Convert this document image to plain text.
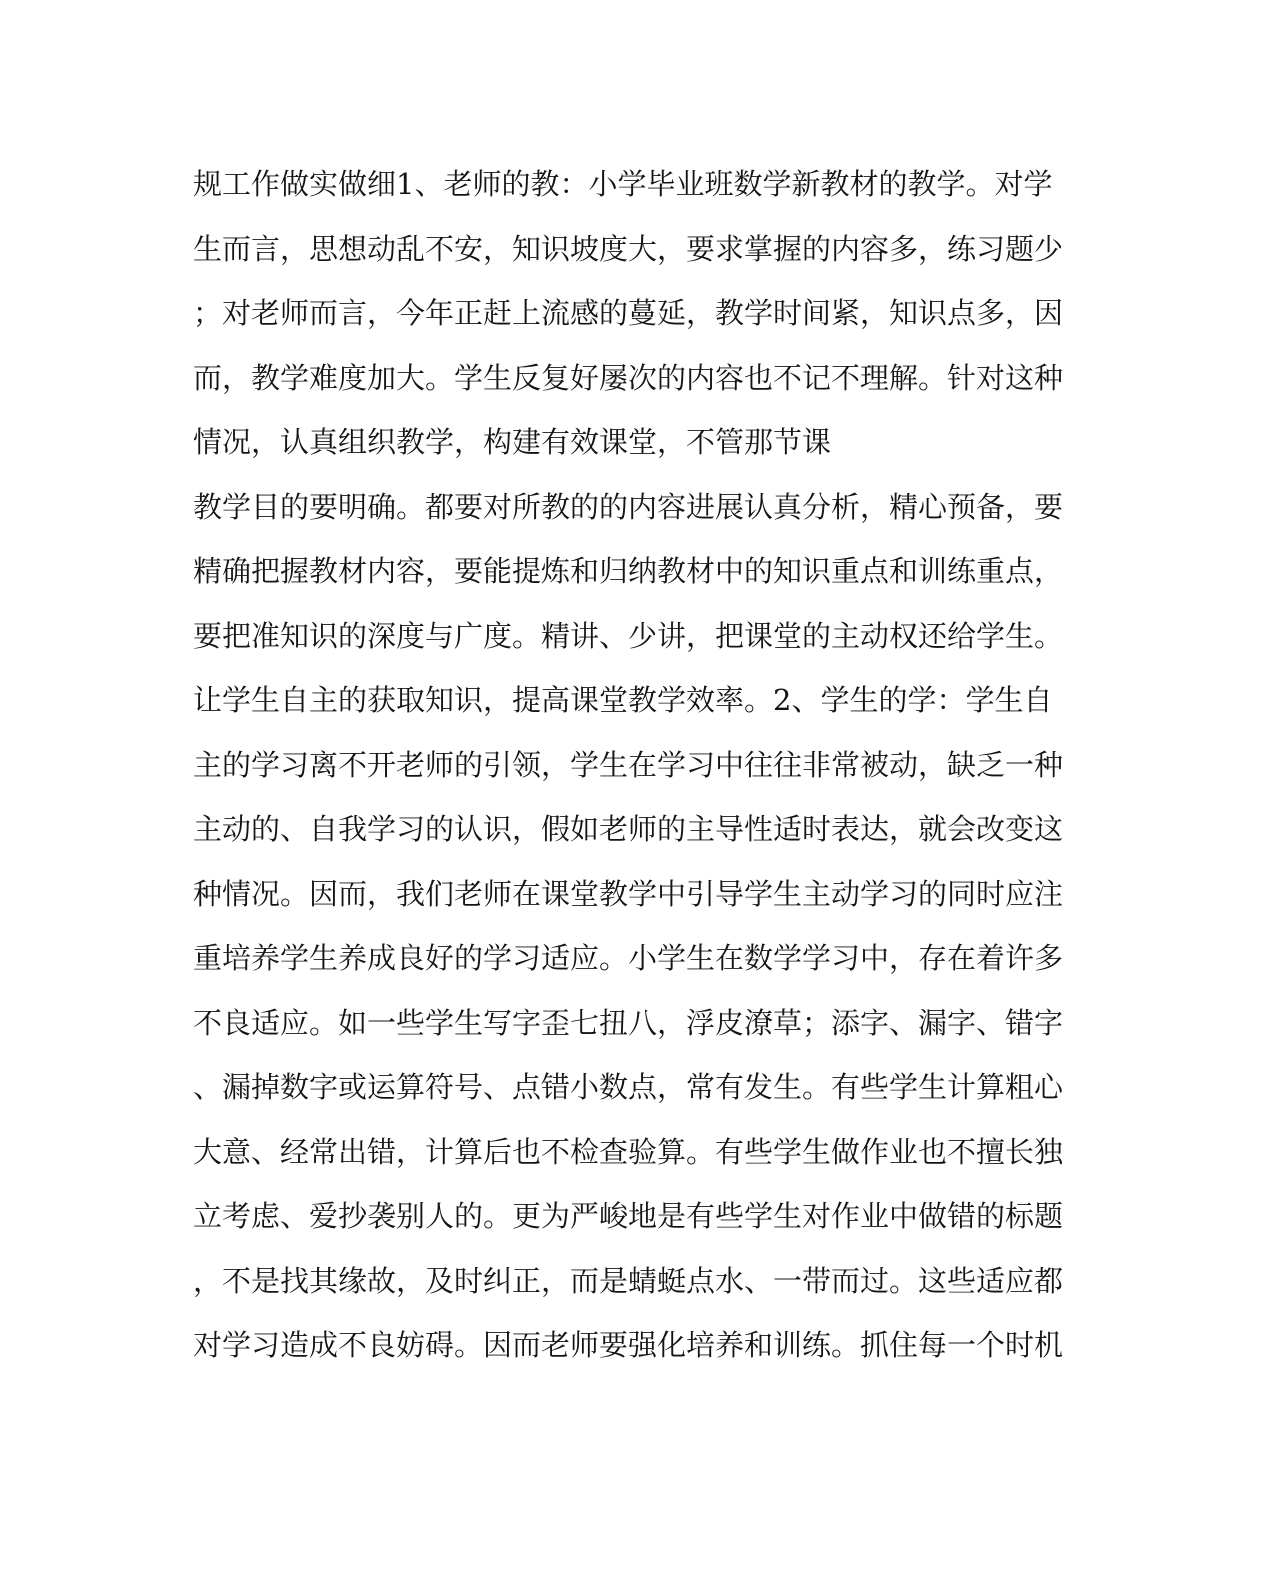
规工作做实做细1、老师的教：小学毕业班数学新教材的教学。对学
生而言，思想动乱不安，知识坡度大，要求掌握的内容多，练习题少
；对老师而言，今年正赶上流感的蔓延，教学时间紧，知识点多，因
而，教学难度加大。学生反复好屡次的内容也不记不理解。针对这种
情况，认真组织教学，构建有效课堂，不管那节课
教学目的要明确。都要对所教的的内容进展认真分析，精心预备，要
精确把握教材内容，要能提炼和归纳教材中的知识重点和训练重点，
要把准知识的深度与广度。精讲、少讲，把课堂的主动权还给学生。
让学生自主的获取知识，提高课堂教学效率。2、学生的学：学生自
主的学习离不开老师的引领，学生在学习中往往非常被动，缺乏一种
主动的、自我学习的认识，假如老师的主导性适时表达，就会改变这
种情况。因而，我们老师在课堂教学中引导学生主动学习的同时应注
重培养学生养成良好的学习适应。小学生在数学学习中，存在着许多
不良适应。如一些学生写字歪七扭八，浮皮潦草；添字、漏字、错字
、漏掉数字或运算符号、点错小数点，常有发生。有些学生计算粗心
大意、经常出错，计算后也不检查验算。有些学生做作业也不擅长独
立考虑、爱抄袭别人的。更为严峻地是有些学生对作业中做错的标题
，不是找其缘故，及时纠正，而是蜻蜓点水、一带而过。这些适应都
对学习造成不良妨碍。因而老师要强化培养和训练。抓住每一个时机
